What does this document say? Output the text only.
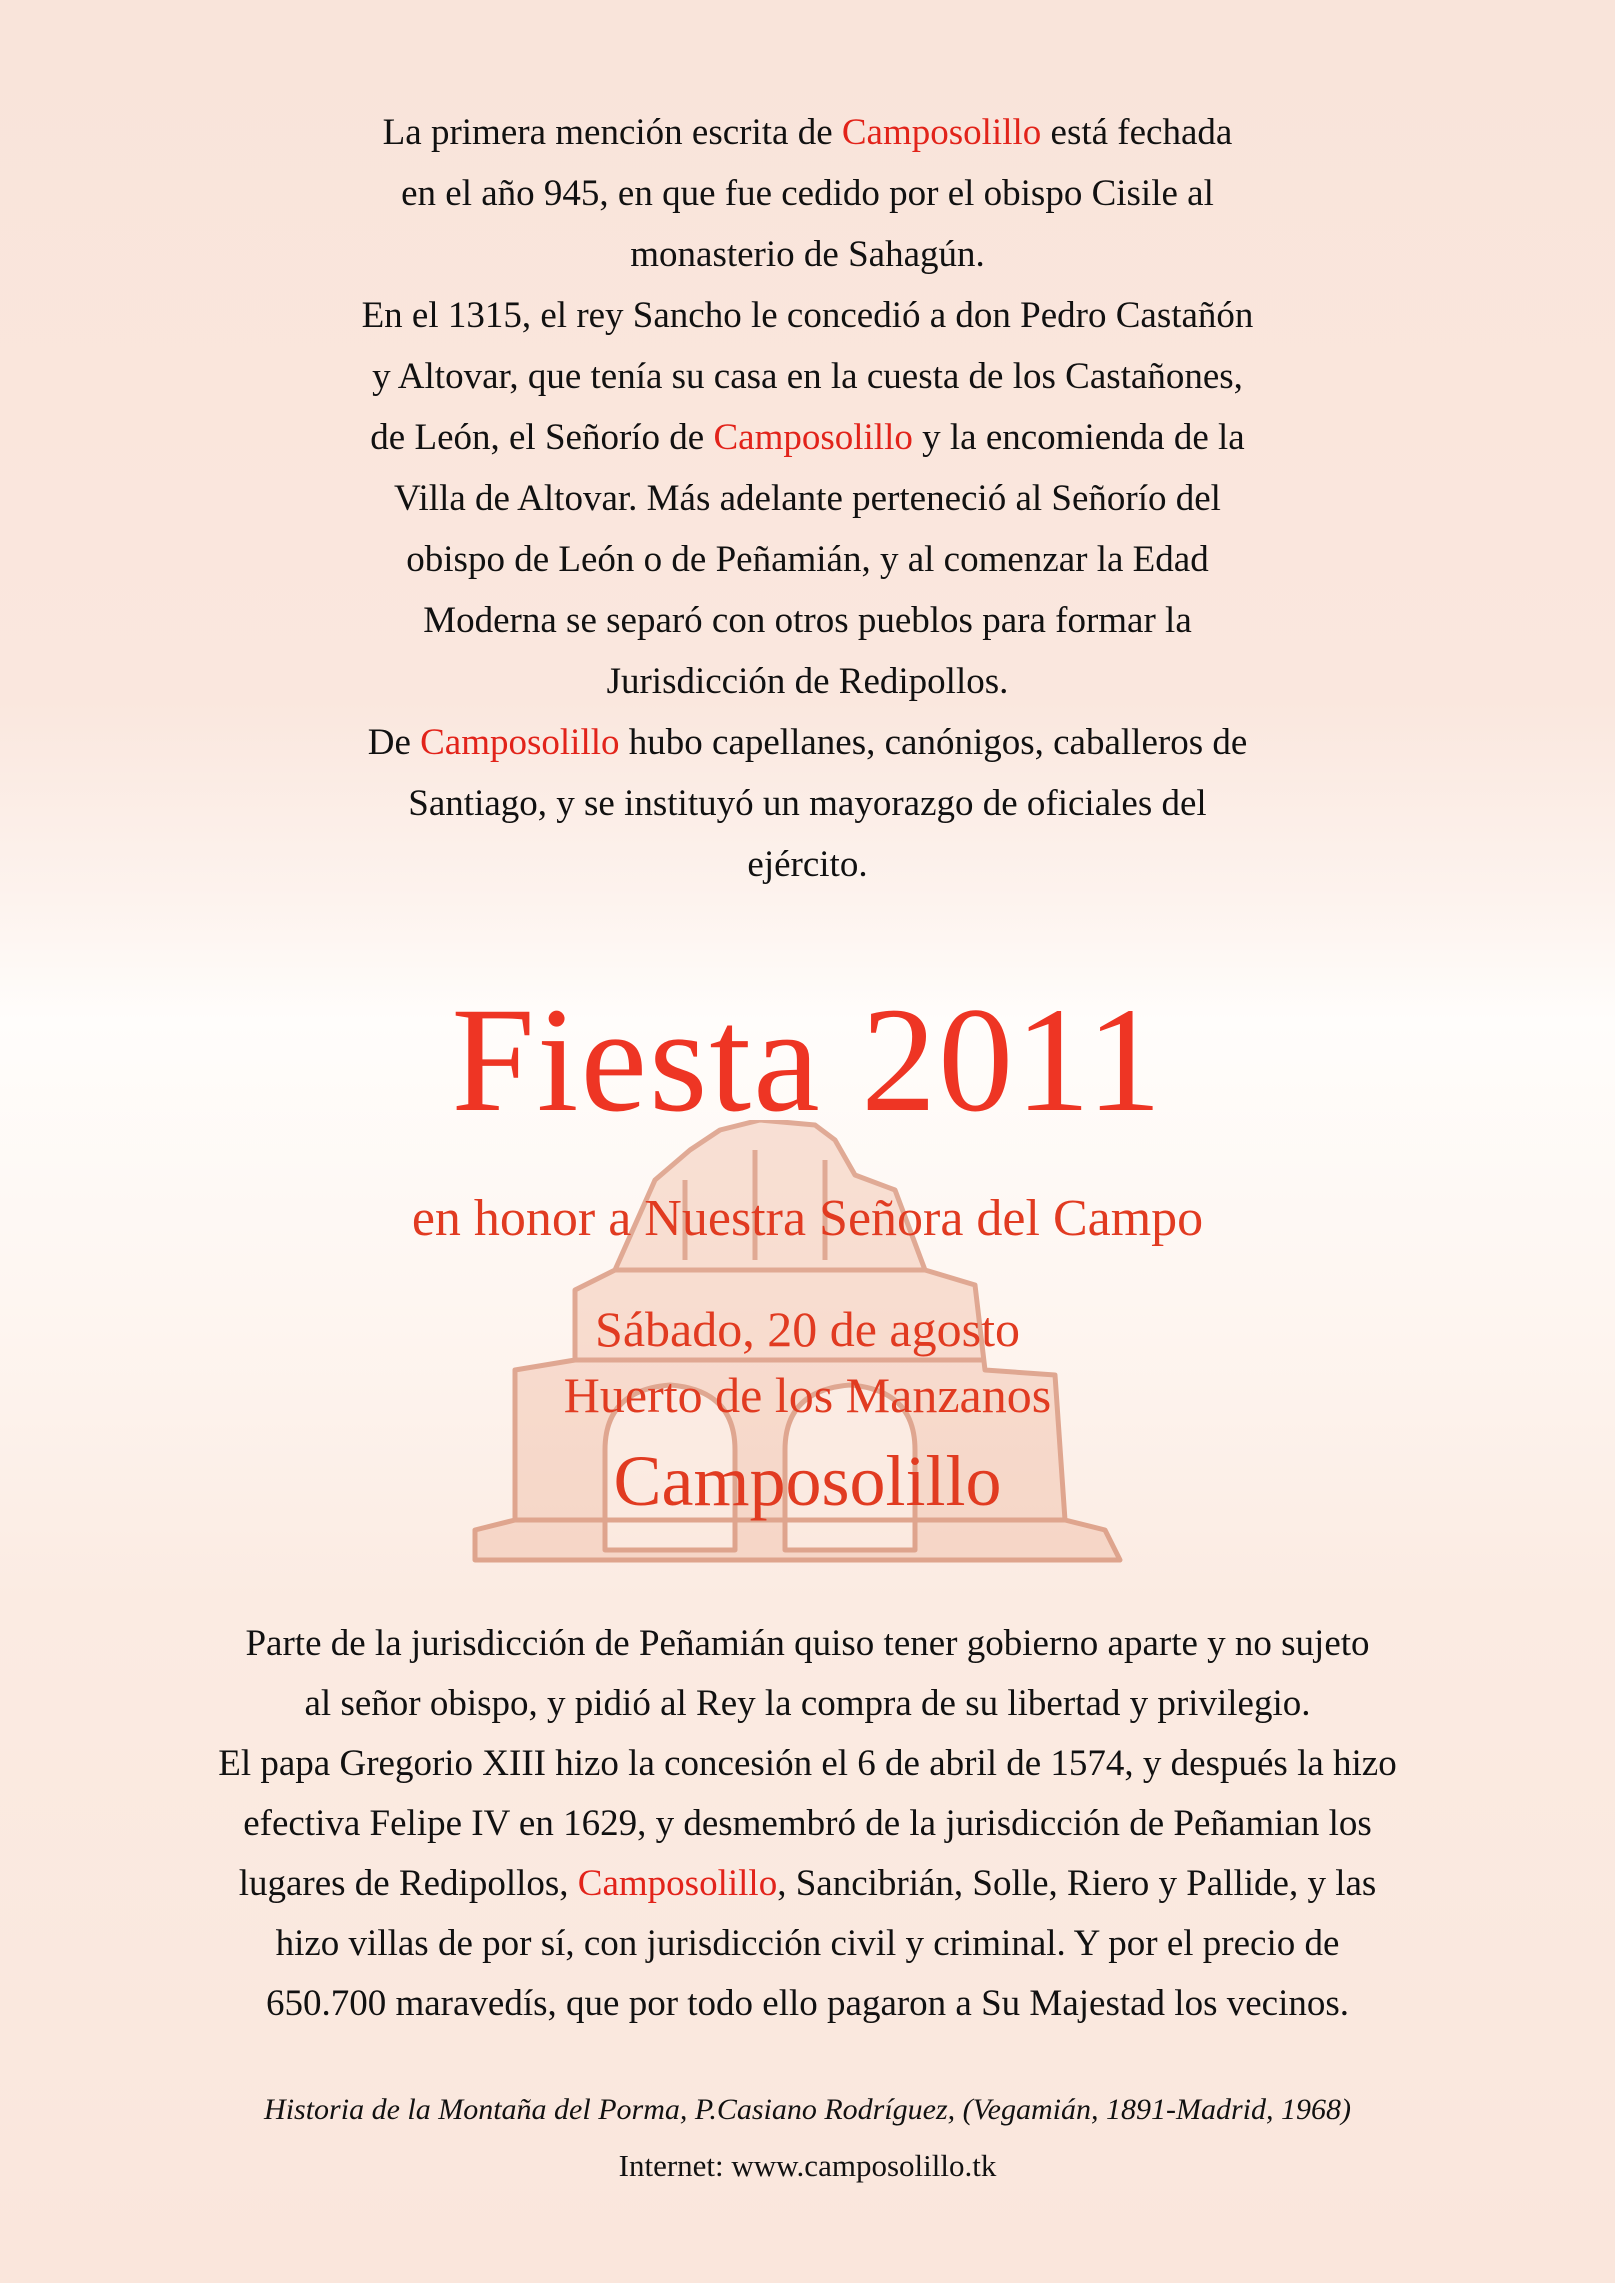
La primera mención escrita de Camposolillo está fechada
en el año 945, en que fue cedido por el obispo Cisile al
monasterio de Sahagún.
En el 1315, el rey Sancho le concedió a don Pedro Castañón
y Altovar, que tenía su casa en la cuesta de los Castañones,
de León, el Señorío de Camposolillo y la encomienda de la
Villa de Altovar. Más adelante perteneció al Señorío del
obispo de León o de Peñamián, y al comenzar la Edad
Moderna se separó con otros pueblos para formar la
Jurisdicción de Redipollos.
De Camposolillo hubo capellanes, canónigos, caballeros de
Santiago, y se instituyó un mayorazgo de oficiales del
ejército.
Fiesta 2011
en honor a Nuestra Señora del Campo
Sábado, 20 de agosto
Huerto de los Manzanos
Camposolillo
Parte de la jurisdicción de Peñamián quiso tener gobierno aparte y no sujeto
al señor obispo, y pidió al Rey la compra de su libertad y privilegio.
El papa Gregorio XIII hizo la concesión el 6 de abril de 1574, y después la hizo
efectiva Felipe IV en 1629, y desmembró de la jurisdicción de Peñamian los
lugares de Redipollos, Camposolillo, Sancibrián, Solle, Riero y Pallide, y las
hizo villas de por sí, con jurisdicción civil y criminal. Y por el precio de
650.700 maravedís, que por todo ello pagaron a Su Majestad los vecinos.
Historia de la Montaña del Porma, P.Casiano Rodríguez, (Vegamián, 1891-Madrid, 1968)
Internet: www.camposolillo.tk
